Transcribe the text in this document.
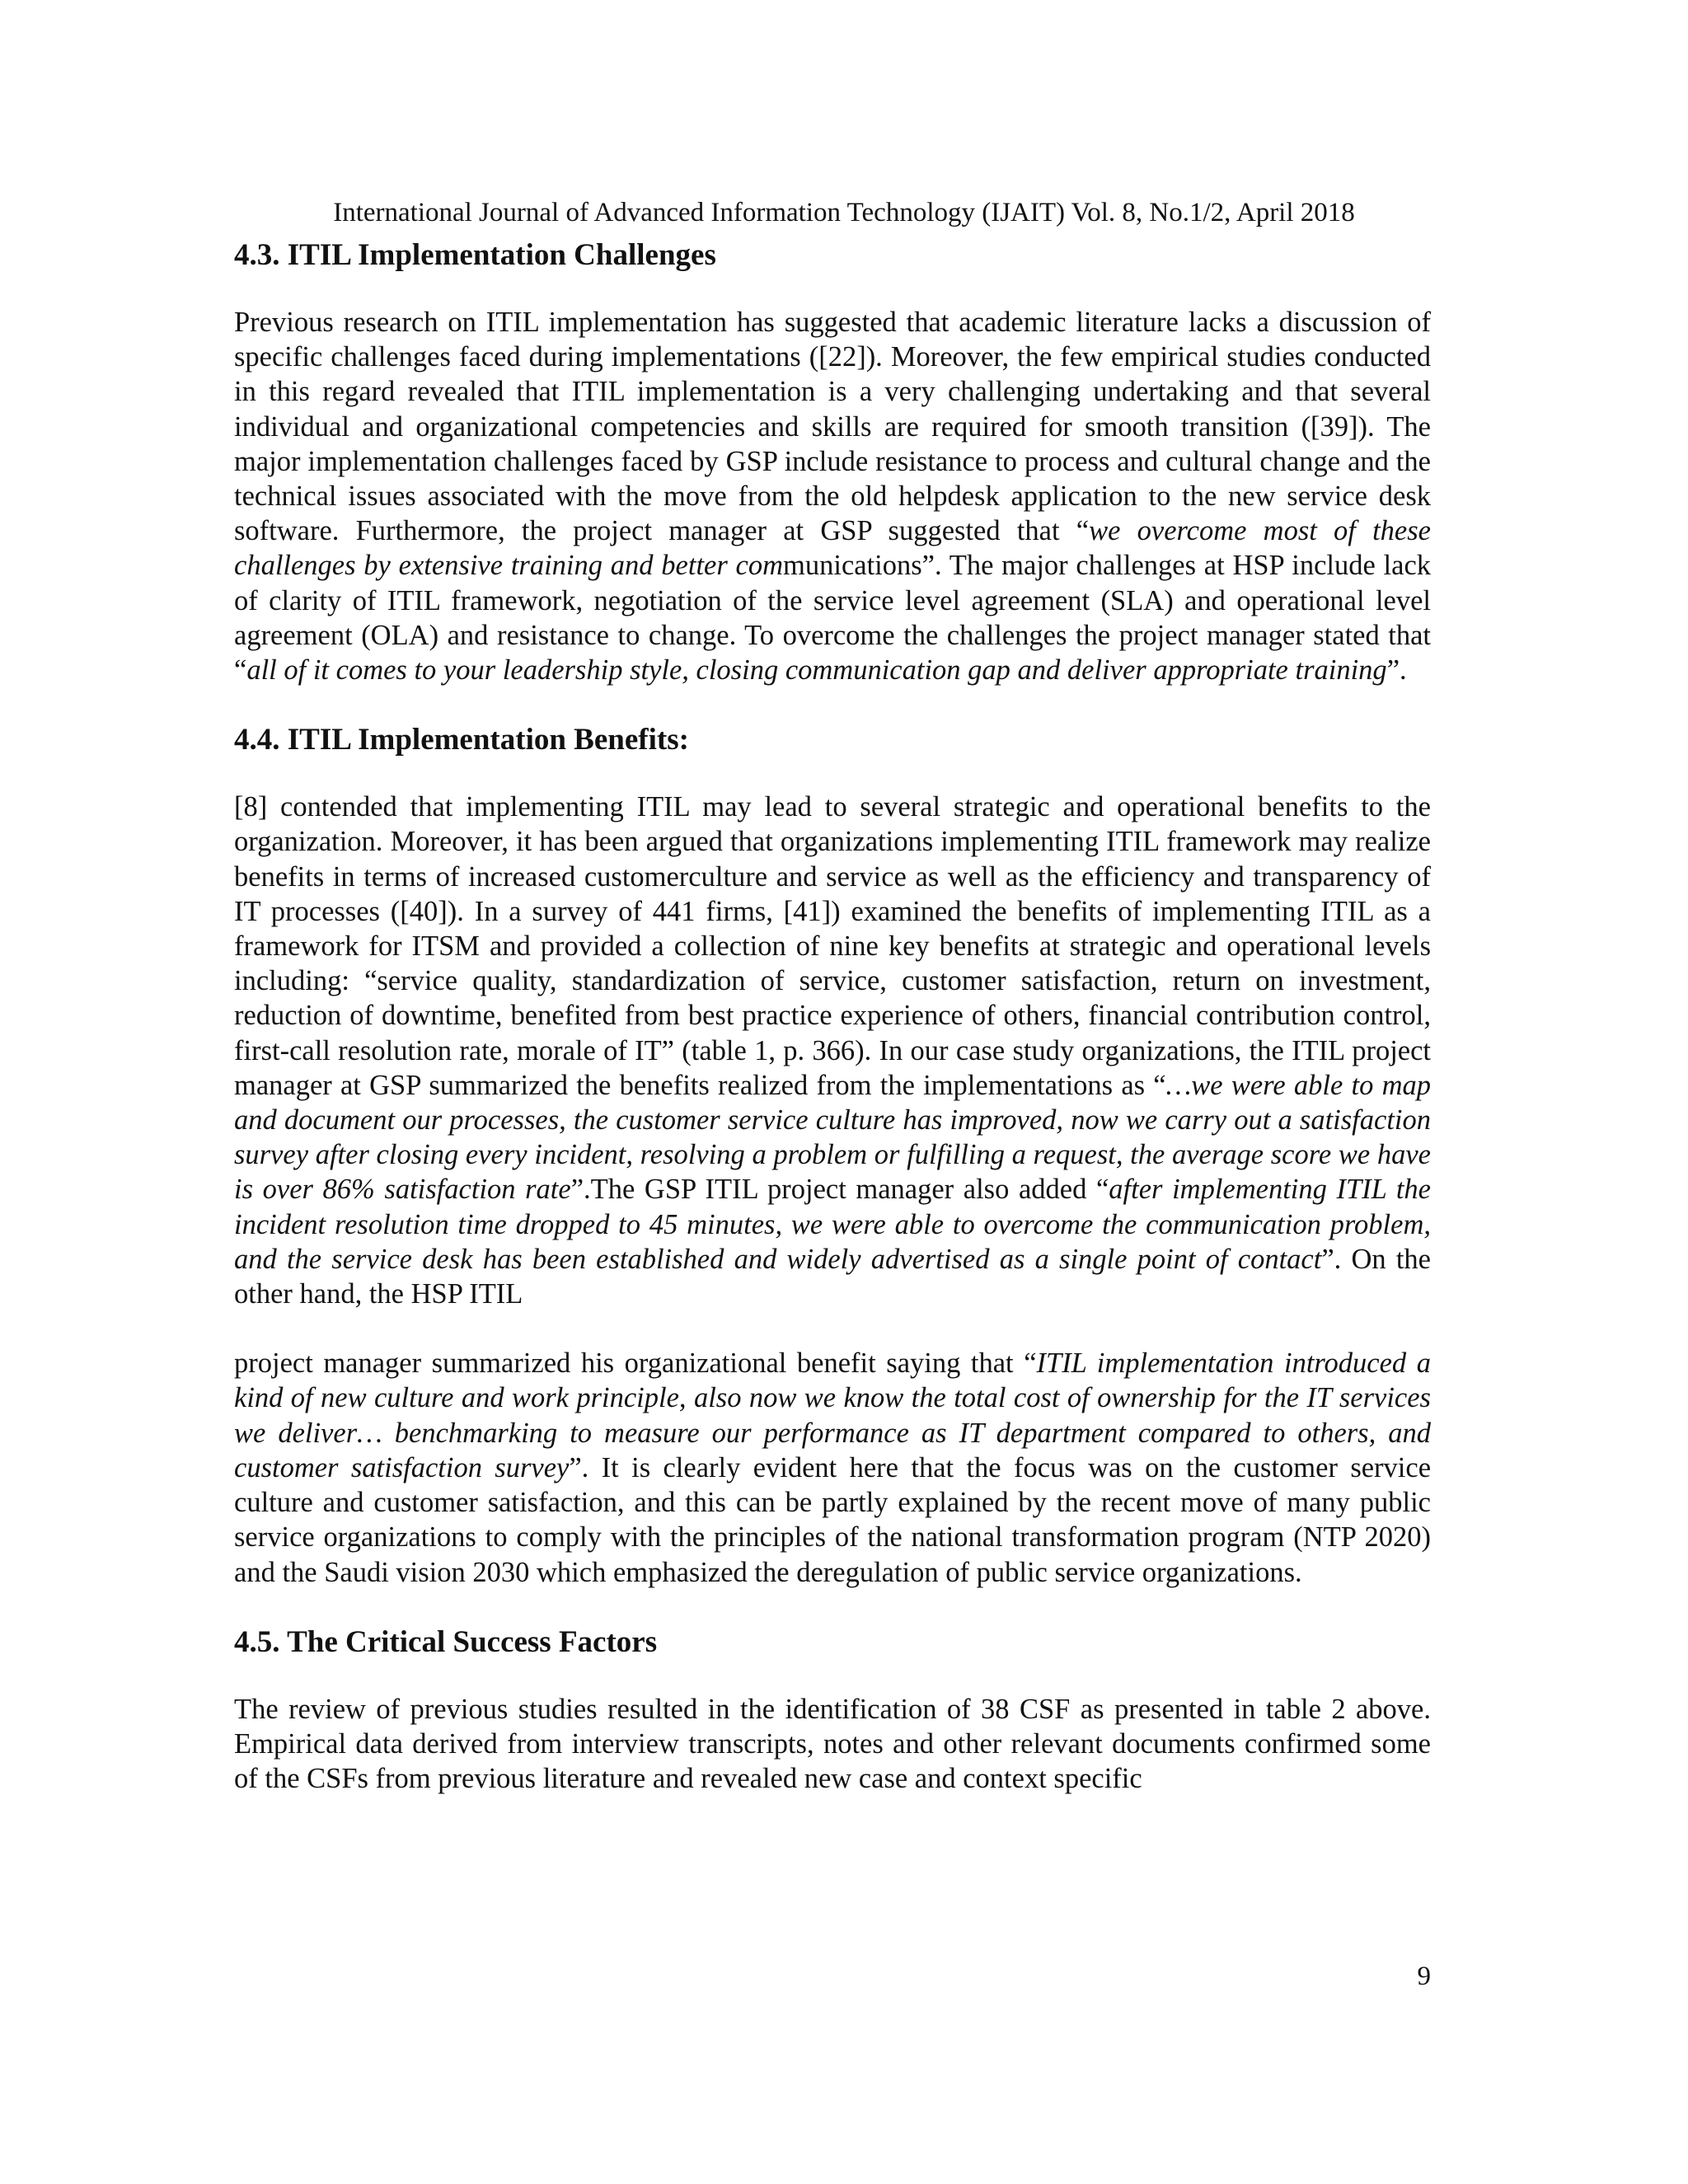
International Journal of Advanced Information Technology (IJAIT) Vol. 8, No.1/2, April 2018
4.3. ITIL Implementation Challenges

Previous research on ITIL implementation has suggested that academic literature lacks a discussion of specific challenges faced during implementations ([22]). Moreover, the few empirical studies conducted in this regard revealed that ITIL implementation is a very challenging undertaking and that several individual and organizational competencies and skills are required for smooth transition ([39]). The major implementation challenges faced by GSP include resistance to process and cultural change and the technical issues associated with the move from the old helpdesk application to the new service desk software. Furthermore, the project manager at GSP suggested that “we overcome most of these challenges by extensive training and better communications”. The major challenges at HSP include lack of clarity of ITIL framework, negotiation of the service level agreement (SLA) and operational level agreement (OLA) and resistance to change. To overcome the challenges the project manager stated that “all of it comes to your leadership style, closing communication gap and deliver appropriate training”.

4.4. ITIL Implementation Benefits:

[8] contended that implementing ITIL may lead to several strategic and operational benefits to the organization. Moreover, it has been argued that organizations implementing ITIL framework may realize benefits in terms of increased customerculture and service as well as the efficiency and transparency of IT processes ([40]). In a survey of 441 firms, [41]) examined the benefits of implementing ITIL as a framework for ITSM and provided a collection of nine key benefits at strategic and operational levels including: “service quality, standardization of service, customer satisfaction, return on investment, reduction of downtime, benefited from best practice experience of others, financial contribution control, first-call resolution rate, morale of IT” (table 1, p. 366). In our case study organizations, the ITIL project manager at GSP summarized the benefits realized from the implementations as “…we were able to map and document our processes, the customer service culture has improved, now we carry out a satisfaction survey after closing every incident, resolving a problem or fulfilling a request, the average score we have is over 86% satisfaction rate”.The GSP ITIL project manager also added “after implementing ITIL the incident resolution time dropped to 45 minutes, we were able to overcome the communication problem, and the service desk has been established and widely advertised as a single point of contact”. On the other hand, the HSP ITIL

project manager summarized his organizational benefit saying that “ITIL implementation introduced a kind of new culture and work principle, also now we know the total cost of ownership for the IT services we deliver… benchmarking to measure our performance as IT department compared to others, and customer satisfaction survey”. It is clearly evident here that the focus was on the customer service culture and customer satisfaction, and this can be partly explained by the recent move of many public service organizations to comply with the principles of the national transformation program (NTP 2020) and the Saudi vision 2030 which emphasized the deregulation of public service organizations.

4.5. The Critical Success Factors

The review of previous studies resulted in the identification of 38 CSF as presented in table 2 above. Empirical data derived from interview transcripts, notes and other relevant documents confirmed some of the CSFs from previous literature and revealed new case and context specific

9
